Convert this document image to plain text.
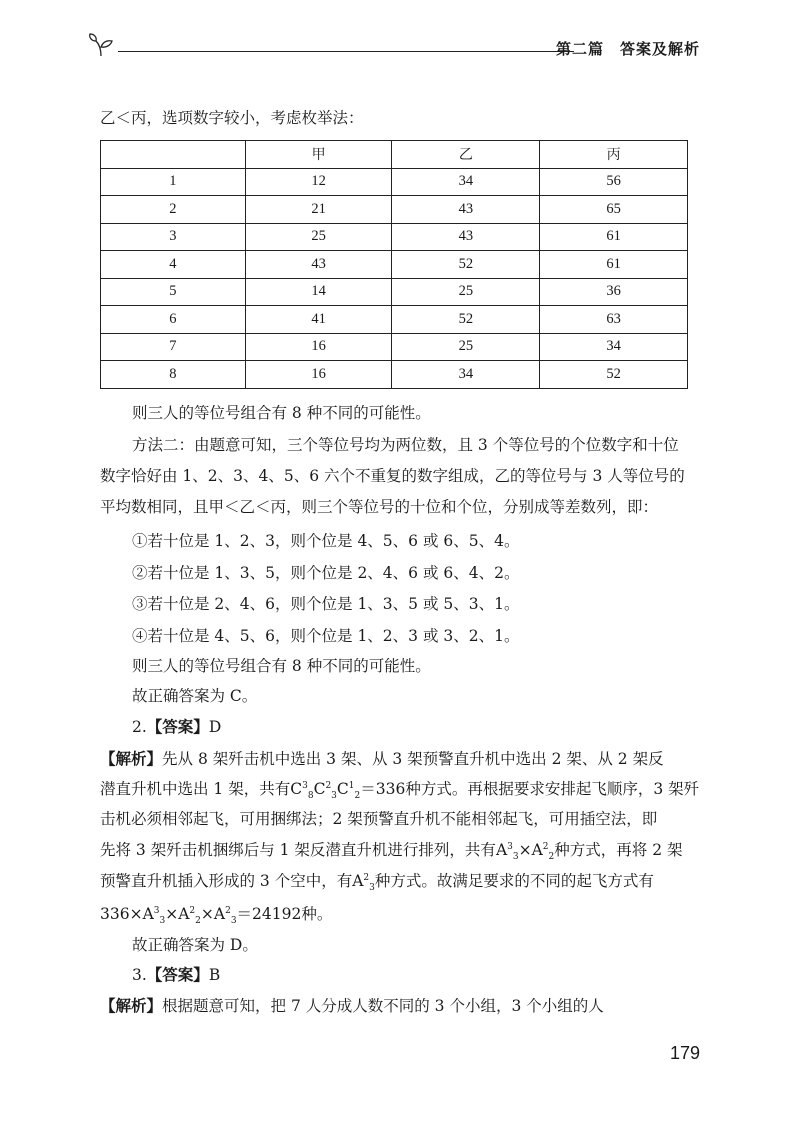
第二篇　答案及解析
乙＜丙，选项数字较小，考虑枚举法：
	甲	乙	丙
1	12	34	56
2	21	43	65
3	25	43	61
4	43	52	61
5	14	25	36
6	41	52	63
7	16	25	34
8	16	34	52
则三人的等位号组合有 8 种不同的可能性。
方法二：由题意可知，三个等位号均为两位数，且 3 个等位号的个位数字和十位
数字恰好由 1、2、3、4、5、6 六个不重复的数字组成，乙的等位号与 3 人等位号的
平均数相同，且甲＜乙＜丙，则三个等位号的十位和个位，分别成等差数列，即：
①若十位是 1、2、3，则个位是 4、5、6 或 6、5、4。
②若十位是 1、3、5，则个位是 2、4、6 或 6、4、2。
③若十位是 2、4、6，则个位是 1、3、5 或 5、3、1。
④若十位是 4、5、6，则个位是 1、2、3 或 3、2、1。
则三人的等位号组合有 8 种不同的可能性。
故正确答案为 C。
2.【答案】D
【解析】先从 8 架歼击机中选出 3 架、从 3 架预警直升机中选出 2 架、从 2 架反
潜直升机中选出 1 架，共有$C^3_8C^2_3C^1_2=336$种方式。再根据要求安排起飞顺序，3 架歼
击机必须相邻起飞，可用捆绑法；2 架预警直升机不能相邻起飞，可用插空法，即
先将 3 架歼击机捆绑后与 1 架反潜直升机进行排列，共有$A^3_3\times A^2_2$种方式，再将 2 架
预警直升机插入形成的 3 个空中，有$A^2_3$种方式。故满足要求的不同的起飞方式有
$336\times A^3_3\times A^2_2\times A^2_3=24192$种。
故正确答案为 D。
3.【答案】B
【解析】根据题意可知，把 7 人分成人数不同的 3 个小组，3 个小组的人
179
